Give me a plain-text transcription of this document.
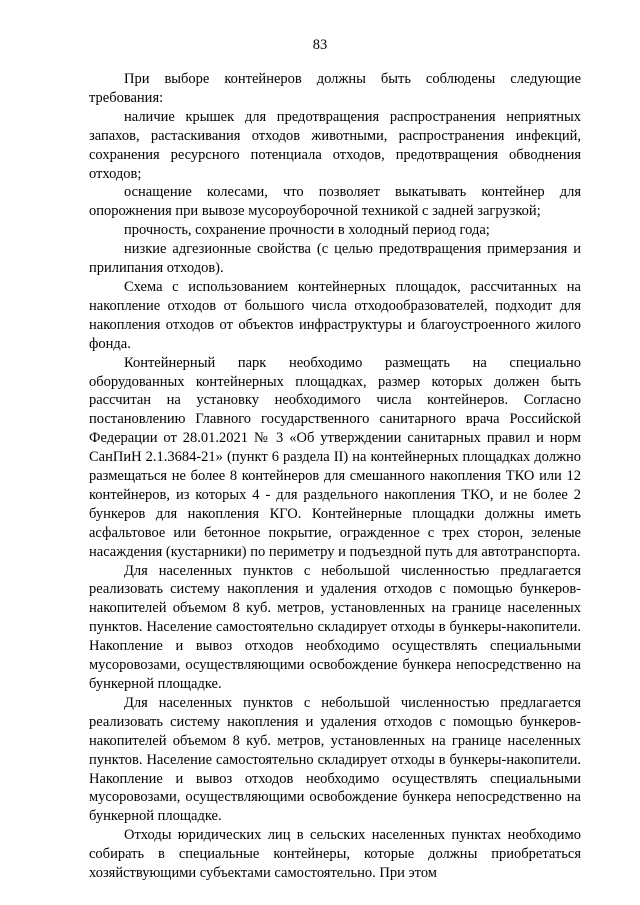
83

При выборе контейнеров должны быть соблюдены следующие требования:

наличие крышек для предотвращения распространения неприятных запахов, растаскивания отходов животными, распространения инфекций, сохранения ресурсного потенциала отходов, предотвращения обводнения отходов;

оснащение колесами, что позволяет выкатывать контейнер для опорожнения при вывозе мусороуборочной техникой с задней загрузкой;

прочность, сохранение прочности в холодный период года;

низкие адгезионные свойства (с целью предотвращения примерзания и прилипания отходов).

Схема с использованием контейнерных площадок, рассчитанных на накопление отходов от большого числа отходообразователей, подходит для накопления отходов от объектов инфраструктуры и благоустроенного жилого фонда.

Контейнерный парк необходимо размещать на специально оборудованных контейнерных площадках, размер которых должен быть рассчитан на установку необходимого числа контейнеров. Согласно постановлению Главного государственного санитарного врача Российской Федерации от 28.01.2021 № 3 «Об утверждении санитарных правил и норм СанПиН 2.1.3684-21» (пункт 6 раздела II) на контейнерных площадках должно размещаться не более 8 контейнеров для смешанного накопления ТКО или 12 контейнеров, из которых 4 - для раздельного накопления ТКО, и не более 2 бункеров для накопления КГО. Контейнерные площадки должны иметь асфальтовое или бетонное покрытие, огражденное с трех сторон, зеленые насаждения (кустарники) по периметру и подъездной путь для автотранспорта.

Для населенных пунктов с небольшой численностью предлагается реализовать систему накопления и удаления отходов с помощью бункеров-накопителей объемом 8 куб. метров, установленных на границе населенных пунктов. Население самостоятельно складирует отходы в бункеры-накопители. Накопление и вывоз отходов необходимо осуществлять специальными мусоровозами, осуществляющими освобождение бункера непосредственно на бункерной площадке.

Для населенных пунктов с небольшой численностью предлагается реализовать систему накопления и удаления отходов с помощью бункеров-накопителей объемом 8 куб. метров, установленных на границе населенных пунктов. Население самостоятельно складирует отходы в бункеры-накопители. Накопление и вывоз отходов необходимо осуществлять специальными мусоровозами, осуществляющими освобождение бункера непосредственно на бункерной площадке.

Отходы юридических лиц в сельских населенных пунктах необходимо собирать в специальные контейнеры, которые должны приобретаться хозяйствующими субъектами самостоятельно. При этом
